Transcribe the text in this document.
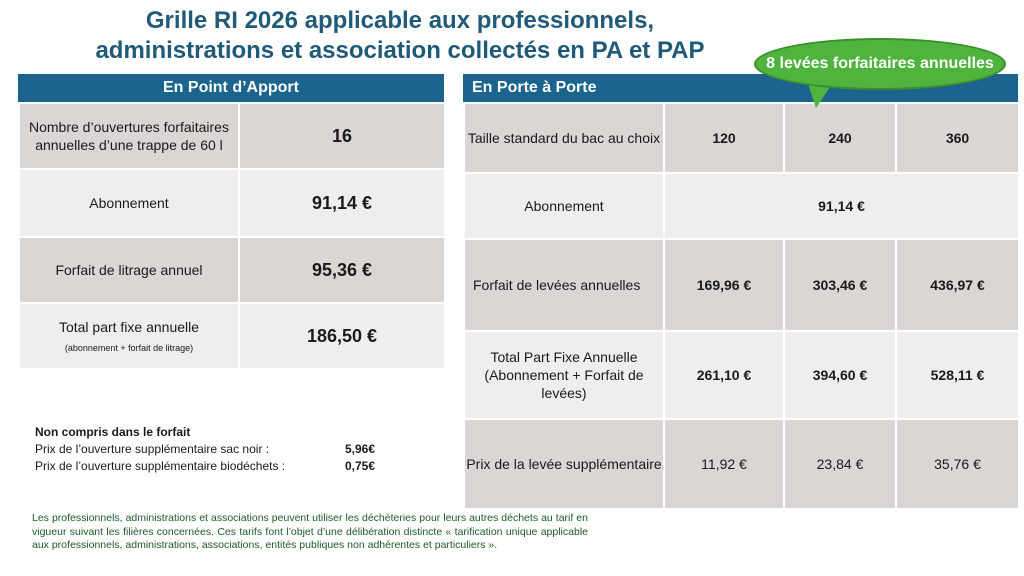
Grille RI 2026 applicable aux professionnels,
administrations et association collectés en PA et PAP	8 levées forfaitaires annuelles
En Point d’Apport
Nombre d’ouvertures forfaitaires annuelles d’une trappe de 60 l	16
Abonnement	91,14 €
Forfait de litrage annuel	95,36 €
Total part fixe annuelle
(abonnement + forfait de litrage)	186,50 €
En Porte à Porte
Taille standard du bac au choix	120	240	360
Abonnement	91,14 €		
Forfait de levées annuelles	169,96 €	303,46 €	436,97 €
Total Part Fixe Annuelle (Abonnement + Forfait de levées)	261,10 €	394,60 €	528,11 €
Prix de la levée supplémentaire	11,92 €	23,84 €	35,76 €
Non compris dans le forfait
Prix de l’ouverture supplémentaire sac noir :	5,96€
Prix de l’ouverture supplémentaire biodéchets :	0,75€
Les professionnels, administrations et associations peuvent utiliser les déchèteries pour leurs autres déchets au tarif en vigueur suivant les filières concernées. Ces tarifs font l’objet d’une délibération distincte « tarification unique applicable aux professionnels, administrations, associations, entités publiques non adhérentes et particuliers ».
